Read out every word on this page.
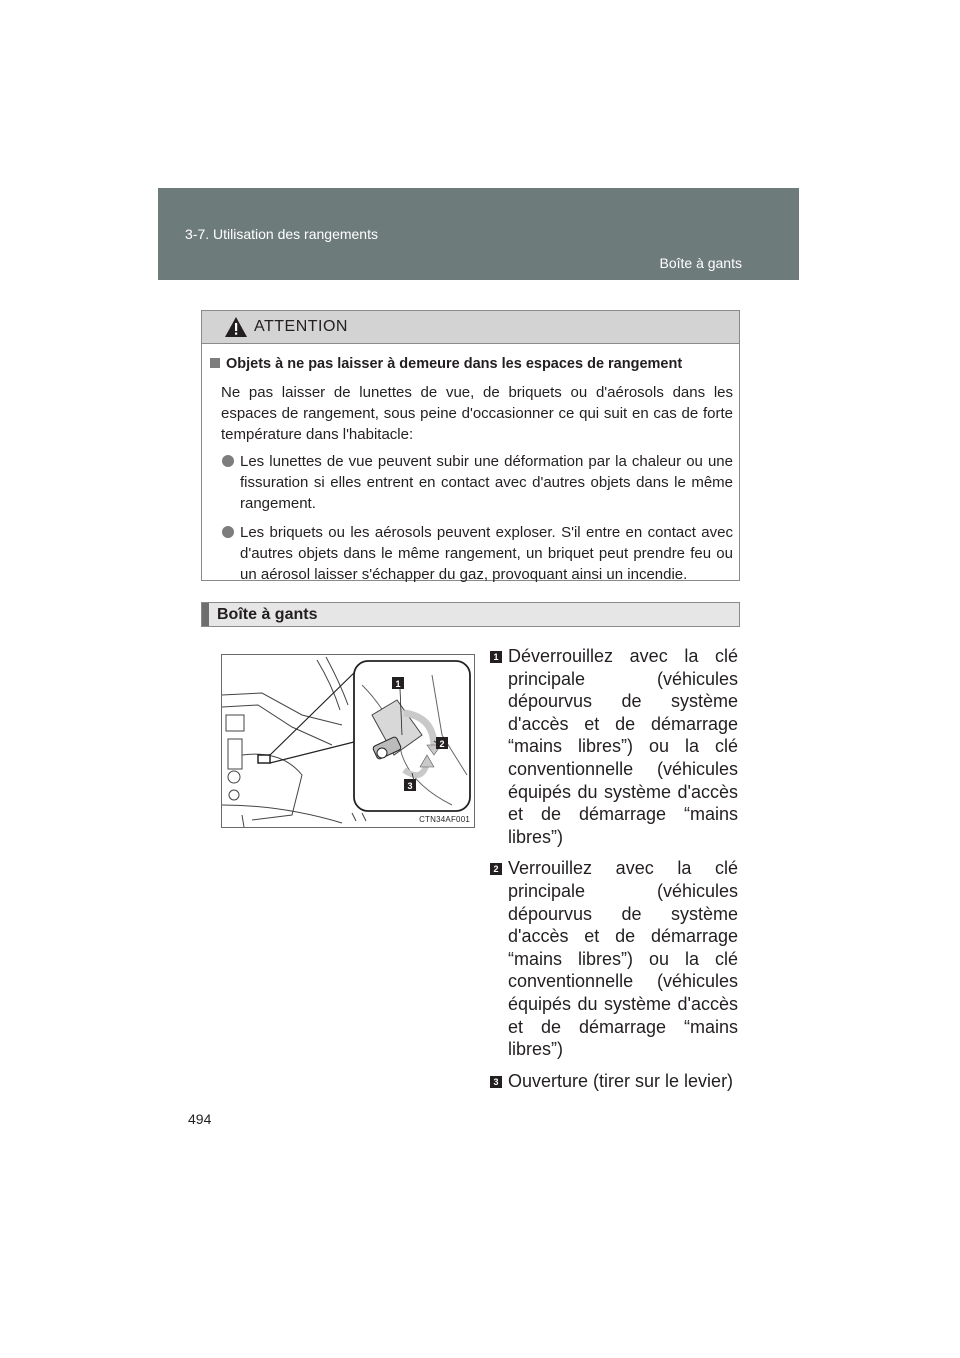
3-7. Utilisation des rangements
Boîte à gants
ATTENTION
Objets à ne pas laisser à demeure dans les espaces de rangement
Ne pas laisser de lunettes de vue, de briquets ou d'aérosols dans les espaces de rangement, sous peine d'occasionner ce qui suit en cas de forte température dans l'habitacle:
Les lunettes de vue peuvent subir une déformation par la chaleur ou une fissuration si elles entrent en contact avec d'autres objets dans le même rangement.
Les briquets ou les aérosols peuvent exploser. S'il entre en contact avec d'autres objets dans le même rangement, un briquet peut prendre feu ou un aérosol laisser s'échapper du gaz, provoquant ainsi un incendie.
Boîte à gants
1
2
3
CTN34AF001
1 Déverrouillez avec la clé principale (véhicules dépourvus de système d'accès et de démarrage “mains libres”) ou la clé conventionnelle (véhicules équipés du système d'accès et de démarrage “mains libres”)
2 Verrouillez avec la clé principale (véhicules dépourvus de système d'accès et de démarrage “mains libres”) ou la clé conventionnelle (véhicules équipés du système d'accès et de démarrage “mains libres”)
3 Ouverture (tirer sur le levier)
494
